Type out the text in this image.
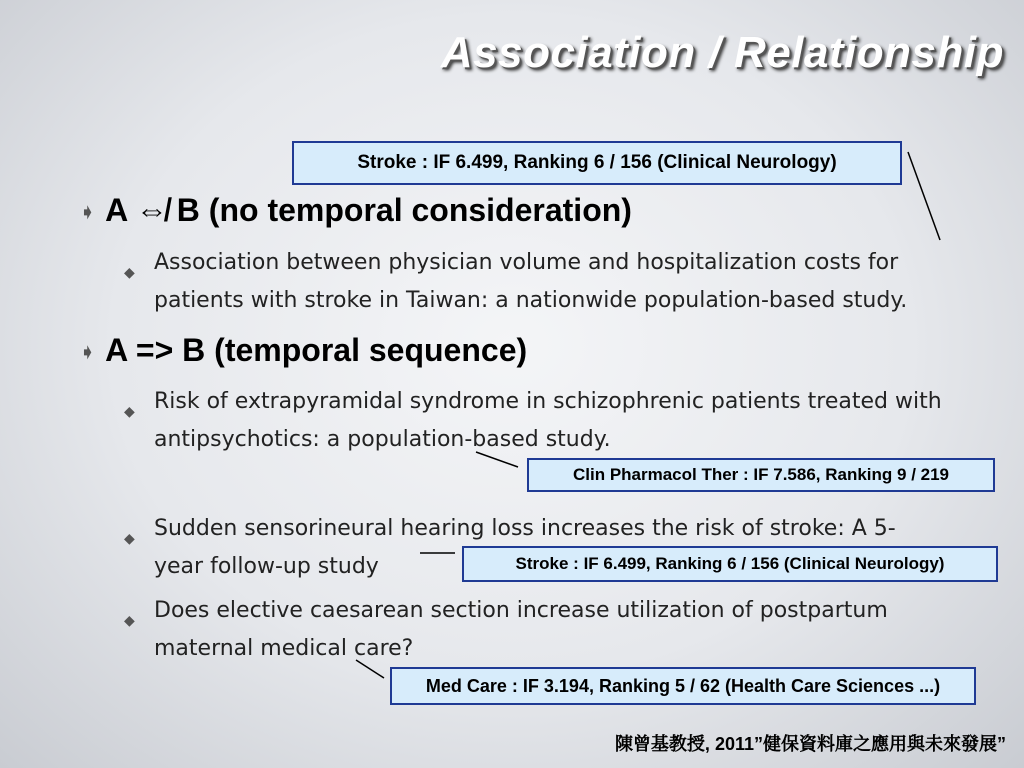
Association / Relationship
Stroke : IF 6.499, Ranking 6 / 156 (Clinical Neurology)
➧ A ⇎ B (no temporal consideration)
◆ Association between physician volume and hospitalization costs for patients with stroke in Taiwan: a nationwide population-based study.
➧ A => B (temporal sequence)
◆ Risk of extrapyramidal syndrome in schizophrenic patients treated with antipsychotics: a population-based study.
Clin Pharmacol Ther : IF 7.586, Ranking 9 / 219
◆ Sudden sensorineural hearing loss increases the risk of stroke: A 5-year follow-up study	Stroke : IF 6.499, Ranking 6 / 156 (Clinical Neurology)
◆ Does elective caesarean section increase utilization of postpartum maternal medical care?
Med Care : IF 3.194, Ranking 5 / 62 (Health Care Sciences ...)
陳曾基教授, 2011”健保資料庫之應用與未來發展”
